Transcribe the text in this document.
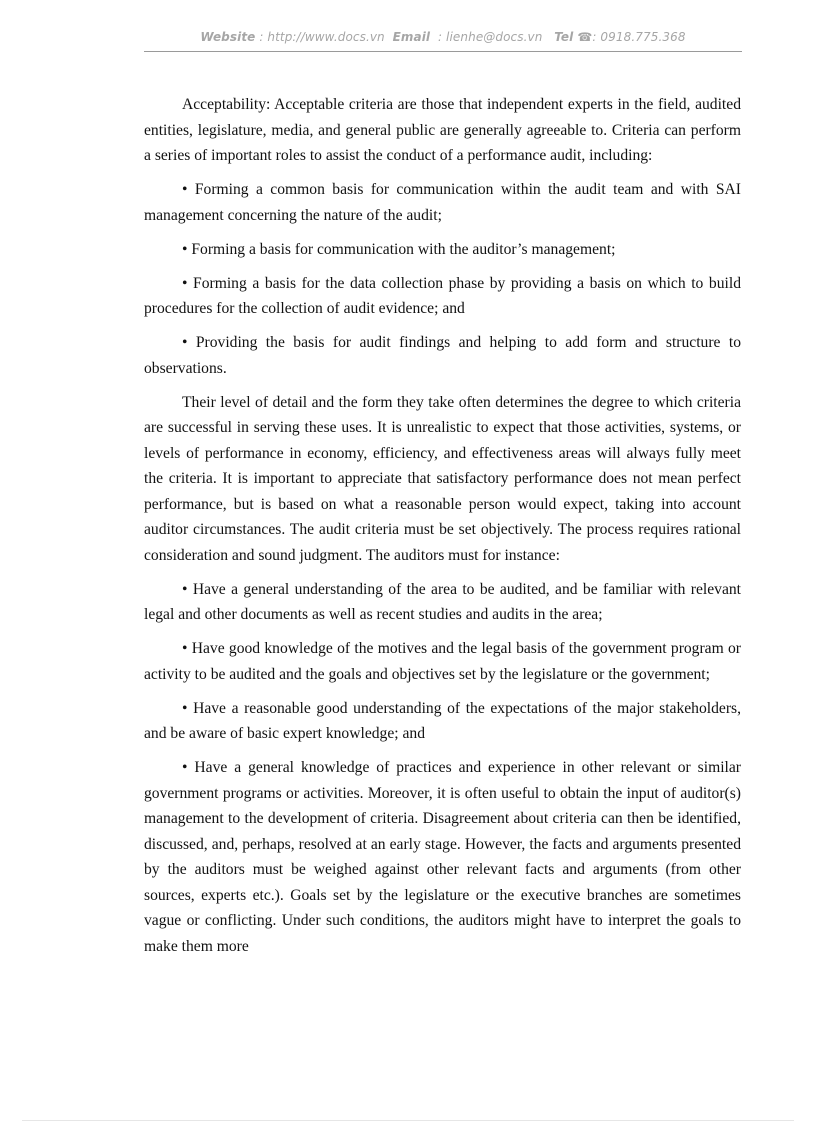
Website : http://www.docs.vn Email : lienhe@docs.vn Tel ☎: 0918.775.368

Acceptability: Acceptable criteria are those that independent experts in the field, audited entities, legislature, media, and general public are generally agreeable to. Criteria can perform a series of important roles to assist the conduct of a performance audit, including:

• Forming a common basis for communication within the audit team and with SAI management concerning the nature of the audit;

• Forming a basis for communication with the auditor’s management;

• Forming a basis for the data collection phase by providing a basis on which to build procedures for the collection of audit evidence; and

• Providing the basis for audit findings and helping to add form and structure to observations.

Their level of detail and the form they take often determines the degree to which criteria are successful in serving these uses. It is unrealistic to expect that those activities, systems, or levels of performance in economy, efficiency, and effectiveness areas will always fully meet the criteria. It is important to appreciate that satisfactory performance does not mean perfect performance, but is based on what a reasonable person would expect, taking into account auditor circumstances. The audit criteria must be set objectively. The process requires rational consideration and sound judgment. The auditors must for instance:

• Have a general understanding of the area to be audited, and be familiar with relevant legal and other documents as well as recent studies and audits in the area;

• Have good knowledge of the motives and the legal basis of the government program or activity to be audited and the goals and objectives set by the legislature or the government;

• Have a reasonable good understanding of the expectations of the major stakeholders, and be aware of basic expert knowledge; and

• Have a general knowledge of practices and experience in other relevant or similar government programs or activities. Moreover, it is often useful to obtain the input of auditor(s) management to the development of criteria. Disagreement about criteria can then be identified, discussed, and, perhaps, resolved at an early stage. However, the facts and arguments presented by the auditors must be weighed against other relevant facts and arguments (from other sources, experts etc.). Goals set by the legislature or the executive branches are sometimes vague or conflicting. Under such conditions, the auditors might have to interpret the goals to make them more
